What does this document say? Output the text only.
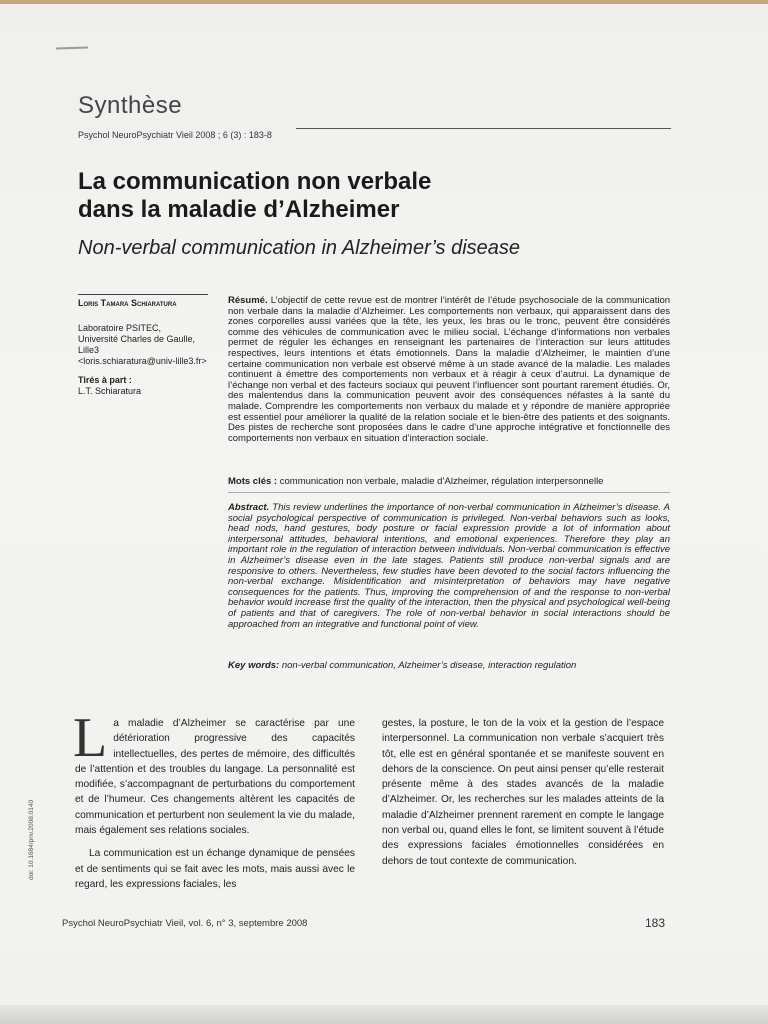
Synthèse
Psychol NeuroPsychiatr Vieil 2008 ; 6 (3) : 183-8
La communication non verbale
dans la maladie d’Alzheimer
Non-verbal communication in Alzheimer’s disease
Loris Tamara Schiaratura
Laboratoire PSITEC,
Université Charles de Gaulle,
Lille3
<loris.schiaratura@univ-lille3.fr>
Tirés à part :
L.T. Schiaratura
Résumé. L’objectif de cette revue est de montrer l’intérêt de l’étude psychosociale de la communication non verbale dans la maladie d’Alzheimer. Les comportements non verbaux, qui apparaissent dans des zones corporelles aussi variées que la tête, les yeux, les bras ou le tronc, peuvent être considérés comme des véhicules de communication avec le milieu social. L’échange d’informations non verbales permet de réguler les échanges en renseignant les partenaires de l’interaction sur leurs attitudes respectives, leurs intentions et états émotionnels. Dans la maladie d’Alzheimer, le maintien d’une certaine communication non verbale est observé même à un stade avancé de la maladie. Les malades continuent à émettre des comportements non verbaux et à réagir à ceux d’autrui. La dynamique de l’échange non verbal et des facteurs sociaux qui peuvent l’influencer sont pourtant rarement étudiés. Or, des malentendus dans la communication peuvent avoir des conséquences néfastes à la santé du malade. Comprendre les comportements non verbaux du malade et y répondre de manière appropriée est essentiel pour améliorer la qualité de la relation sociale et le bien-être des patients et des soignants. Des pistes de recherche sont proposées dans le cadre d’une approche intégrative et fonctionnelle des comportements non verbaux en situation d’interaction sociale.
Mots clés : communication non verbale, maladie d’Alzheimer, régulation interpersonnelle
Abstract. This review underlines the importance of non-verbal communication in Alzheimer’s disease. A social psychological perspective of communication is privileged. Non-verbal behaviors such as looks, head nods, hand gestures, body posture or facial expression provide a lot of information about interpersonal attitudes, behavioral intentions, and emotional experiences. Therefore they play an important role in the regulation of interaction between individuals. Non-verbal communication is effective in Alzheimer’s disease even in the late stages. Patients still produce non-verbal signals and are responsive to others. Nevertheless, few studies have been devoted to the social factors influencing the non-verbal exchange. Misidentification and misinterpretation of behaviors may have negative consequences for the patients. Thus, improving the comprehension of and the response to non-verbal behavior would increase first the quality of the interaction, then the physical and psychological well-being of patients and that of caregivers. The role of non-verbal behavior in social interactions should be approached from an integrative and functional point of view.
Key words: non-verbal communication, Alzheimer’s disease, interaction regulation

La maladie d’Alzheimer se caractérise par une détérioration progressive des capacités intellectuelles, des pertes de mémoire, des difficultés de l’attention et des troubles du langage. La personnalité est modifiée, s’accompagnant de perturbations du comportement et de l’humeur. Ces changements altèrent les capacités de communication et perturbent non seulement la vie du malade, mais également ses relations sociales.

La communication est un échange dynamique de pensées et de sentiments qui se fait avec les mots, mais aussi avec le regard, les expressions faciales, les

gestes, la posture, le ton de la voix et la gestion de l’espace interpersonnel. La communication non verbale s’acquiert très tôt, elle est en général spontanée et se manifeste souvent en dehors de la conscience. On peut ainsi penser qu’elle resterait présente même à des stades avancés de la maladie d’Alzheimer. Or, les recherches sur les malades atteints de la maladie d’Alzheimer prennent rarement en compte le langage non verbal ou, quand elles le font, se limitent souvent à l’étude des expressions faciales émotionnelles considérées en dehors de tout contexte de communication.

doi: 10.1684/pnv.2008.0140
Psychol NeuroPsychiatr Vieil, vol. 6, n° 3, septembre 2008	183
